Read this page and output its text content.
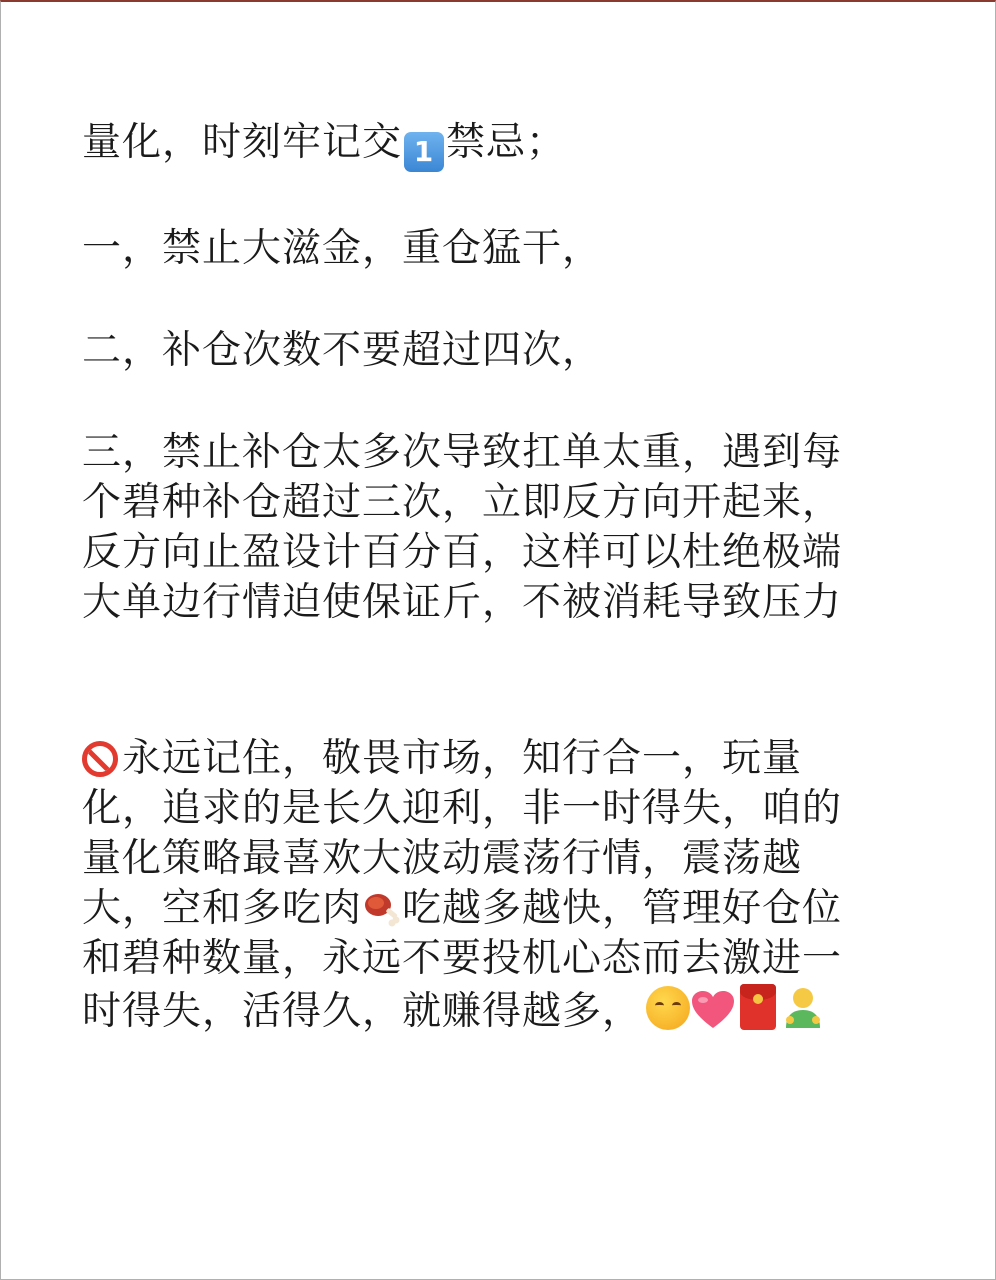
量化，时刻牢记交 1 禁忌；
一，禁止大滋金，重仓猛干，
二，补仓次数不要超过四次，
三，禁止补仓太多次导致扛单太重，遇到每
个碧种补仓超过三次，立即反方向开起来，
反方向止盈设计百分百，这样可以杜绝极端
大单边行情迫使保证斤，不被消耗导致压力
永远记住，敬畏市场，知行合一，玩量
化，追求的是长久迎利，非一时得失，咱的
量化策略最喜欢大波动震荡行情，震荡越
大，空和多吃肉 吃越多越快，管理好仓位
和碧种数量，永远不要投机心态而去激进一
时得失，活得久，就赚得越多，
